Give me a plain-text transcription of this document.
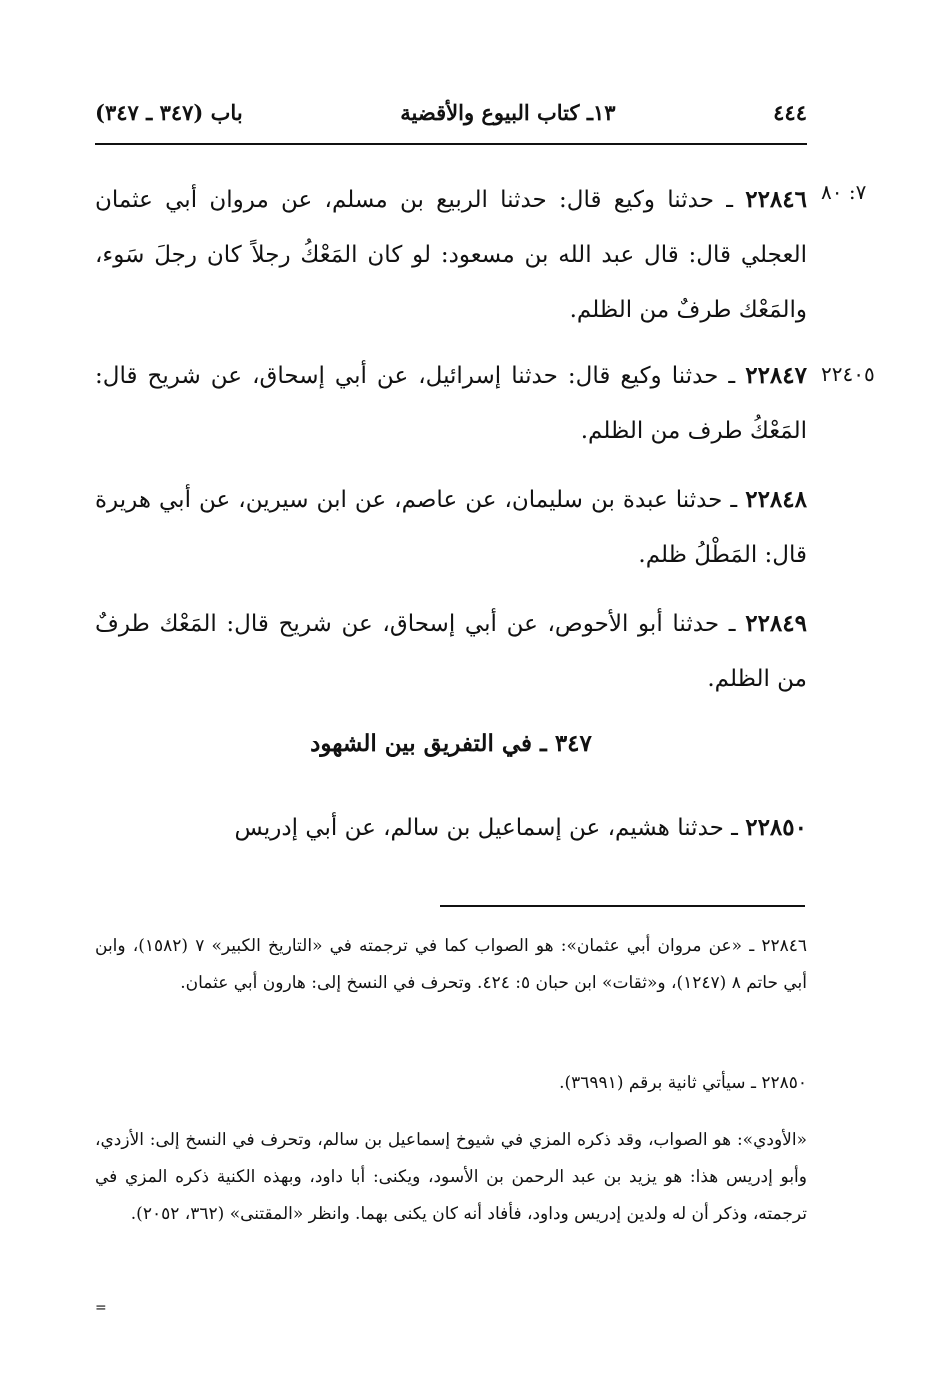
٤٤٤
١٣ـ كتاب البيوع والأقضية
باب (٣٤٧ ـ ٣٤٧)
٧: ٨٠
٢٢٤٠٥
٢٢٨٤٦ ـ حدثنا وكيع قال: حدثنا الربيع بن مسلم، عن مروان أبي عثمان العجلي قال: قال عبد الله بن مسعود: لو كان المَعْكُ رجلاً كان رجلَ سَوء، والمَعْك طرفٌ من الظلم.
٢٢٨٤٧ ـ حدثنا وكيع قال: حدثنا إسرائيل، عن أبي إسحاق، عن شريح قال: المَعْكُ طرف من الظلم.
٢٢٨٤٨ ـ حدثنا عبدة بن سليمان، عن عاصم، عن ابن سيرين، عن أبي هريرة قال: المَطْلُ ظلم.
٢٢٨٤٩ ـ حدثنا أبو الأحوص، عن أبي إسحاق، عن شريح قال: المَعْك طرفٌ من الظلم.
٣٤٧ ـ في التفريق بين الشهود
٢٢٨٥٠ ـ حدثنا هشيم، عن إسماعيل بن سالم، عن أبي إدريس
٢٢٨٤٦ ـ «عن مروان أبي عثمان»: هو الصواب كما في ترجمته في «التاريخ الكبير» ٧ (١٥٨٢)، وابن أبي حاتم ٨ (١٢٤٧)، و«ثقات» ابن حبان ٥: ٤٢٤. وتحرف في النسخ إلى: هارون أبي عثمان.
٢٢٨٥٠ ـ سيأتي ثانية برقم (٣٦٩٩١).
«الأودي»: هو الصواب، وقد ذكره المزي في شيوخ إسماعيل بن سالم، وتحرف في النسخ إلى: الأزدي، وأبو إدريس هذا: هو يزيد بن عبد الرحمن بن الأسود، ويكنى: أبا داود، وبهذه الكنية ذكره المزي في ترجمته، وذكر أن له ولدين إدريس وداود، فأفاد أنه كان يكنى بهما. وانظر «المقتنى» (٣٦٢، ٢٠٥٢).
=
